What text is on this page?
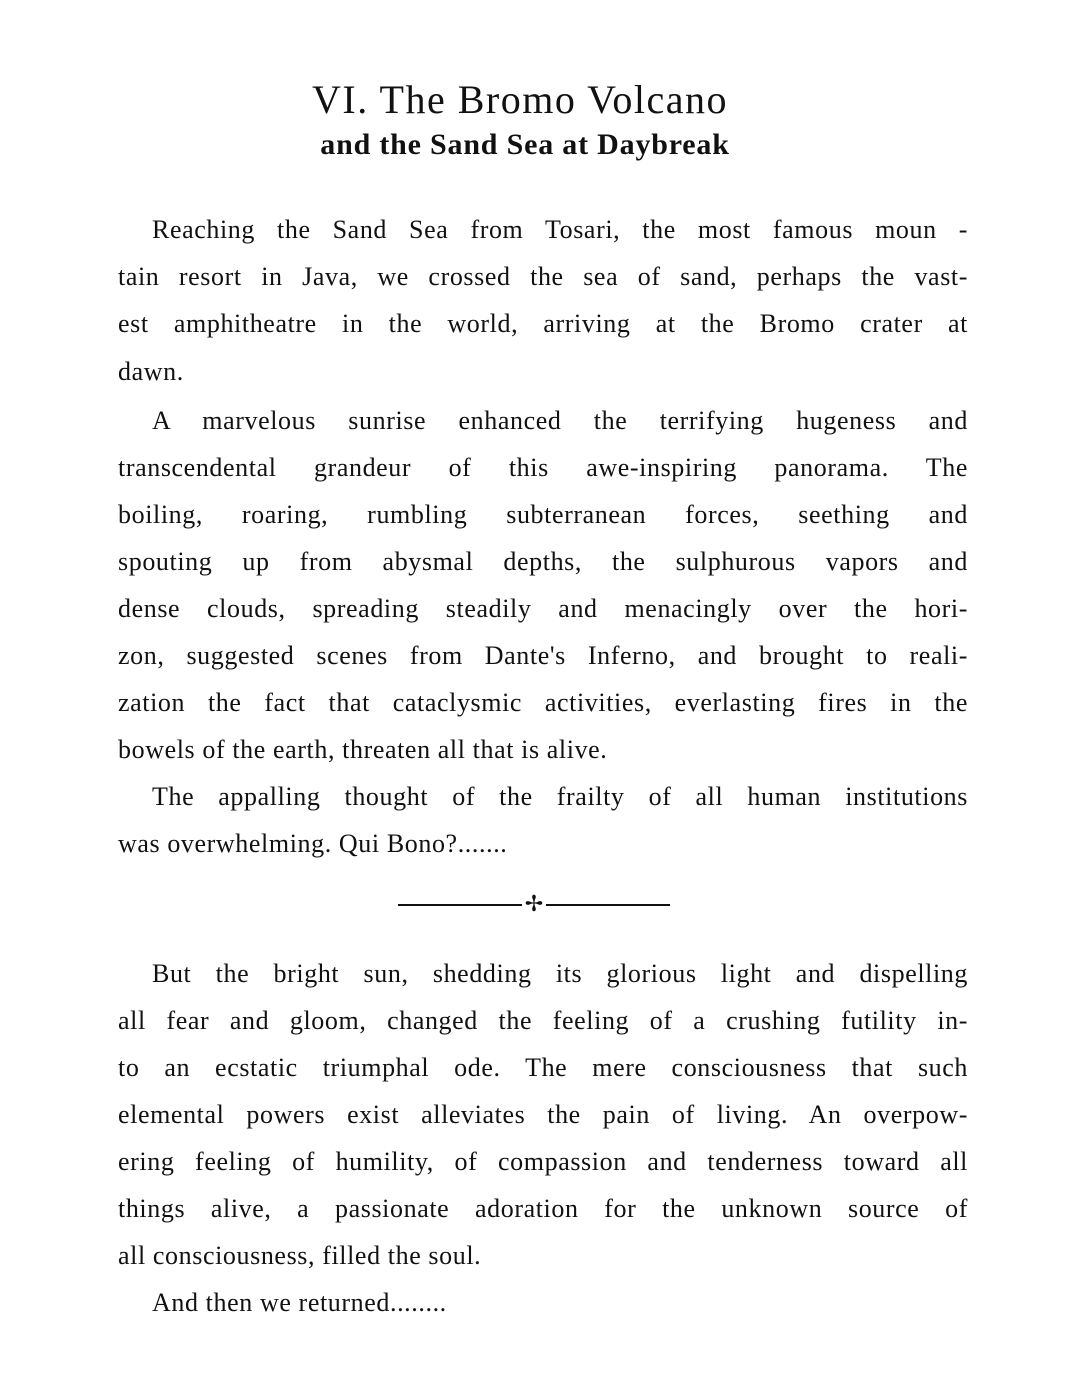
VI. The Bromo Volcano
and the Sand Sea at Daybreak
Reaching the Sand Sea from Tosari, the most famous moun -
tain resort in Java, we crossed the sea of sand, perhaps the vast-
est amphitheatre in the world, arriving at the Bromo crater at
dawn.
A marvelous sunrise enhanced the terrifying hugeness and
transcendental grandeur of this awe-inspiring panorama. The
boiling, roaring, rumbling subterranean forces, seething and
spouting up from abysmal depths, the sulphurous vapors and
dense clouds, spreading steadily and menacingly over the hori-
zon, suggested scenes from Dante's Inferno, and brought to reali-
zation the fact that cataclysmic activities, everlasting fires in the
bowels of the earth, threaten all that is alive.
The appalling thought of the frailty of all human institutions
was overwhelming. Qui Bono?.......
✢
But the bright sun, shedding its glorious light and dispelling
all fear and gloom, changed the feeling of a crushing futility in-
to an ecstatic triumphal ode. The mere consciousness that such
elemental powers exist alleviates the pain of living. An overpow-
ering feeling of humility, of compassion and tenderness toward all
things alive, a passionate adoration for the unknown source of
all consciousness, filled the soul.
And then we returned........
